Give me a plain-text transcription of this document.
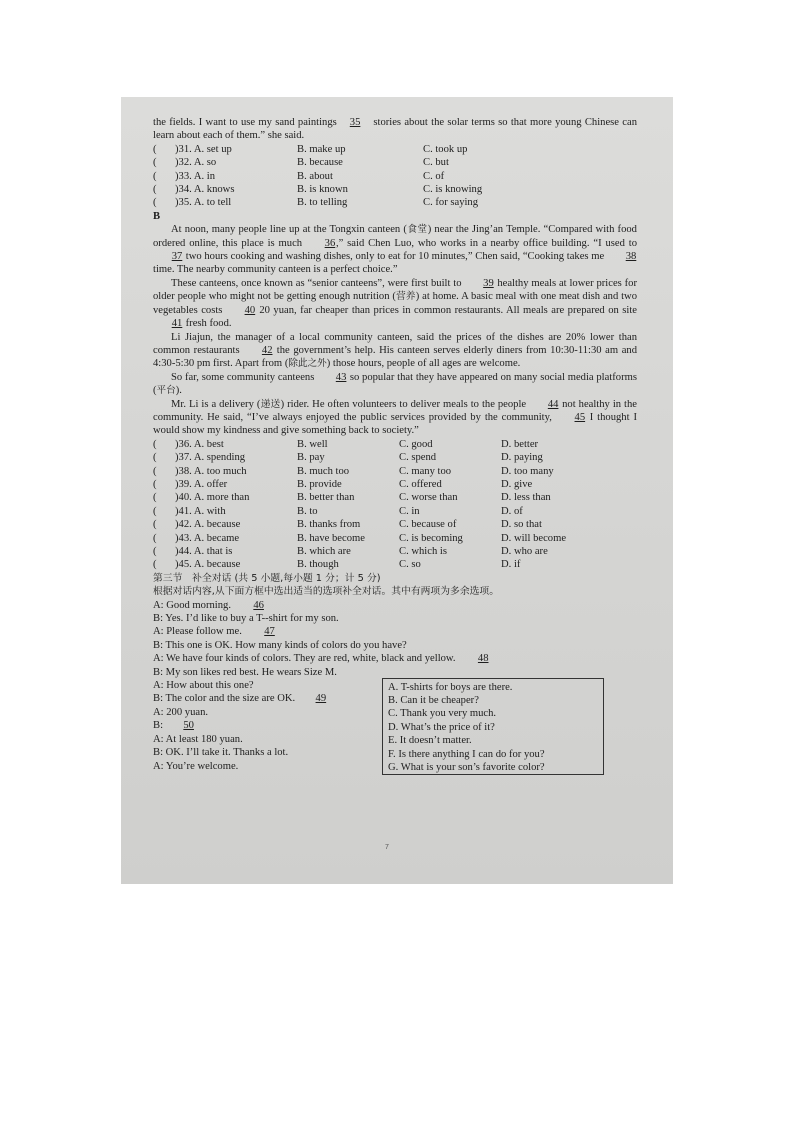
the fields. I want to use my sand paintings 35 stories about the solar terms so that more young Chinese can learn about each of them.” she said.

(	)31. A. set up	B. make up	C. took up
(	)32. A. so	B. because	C. but
(	)33. A. in	B. about	C. of
(	)34. A. knows	B. is known	C. is knowing
(	)35. A. to tell	B. to telling	C. for saying

B

At noon, many people line up at the Tongxin canteen (食堂) near the Jing’an Temple. “Compared with food ordered online, this place is much 36,” said Chen Luo, who works in a nearby office building. “I used to 37 two hours cooking and washing dishes, only to eat for 10 minutes,” Chen said, “Cooking takes me 38 time. The nearby community canteen is a perfect choice.”

These canteens, once known as “senior canteens”, were first built to 39 healthy meals at lower prices for older people who might not be getting enough nutrition (营养) at home. A basic meal with one meat dish and two vegetables costs 40 20 yuan, far cheaper than prices in common restaurants. All meals are prepared on site 41 fresh food.

Li Jiajun, the manager of a local community canteen, said the prices of the dishes are 20% lower than common restaurants 42 the government’s help. His canteen serves elderly diners from 10:30-11:30 am and 4:30-5:30 pm first. Apart from (除此之外) those hours, people of all ages are welcome.

So far, some community canteens 43 so popular that they have appeared on many social media platforms (平台).

Mr. Li is a delivery (递送) rider. He often volunteers to deliver meals to the people 44 not healthy in the community. He said, “I’ve always enjoyed the public services provided by the community, 45 I thought I would show my kindness and give something back to society.”

(	)36. A. best	B. well	C. good	D. better
(	)37. A. spending	B. pay	C. spend	D. paying
(	)38. A. too much	B. much too	C. many too	D. too many
(	)39. A. offer	B. provide	C. offered	D. give
(	)40. A. more than	B. better than	C. worse than	D. less than
(	)41. A. with	B. to	C. in	D. of
(	)42. A. because	B. thanks from	C. because of	D. so that
(	)43. A. became	B. have become	C. is becoming	D. will become
(	)44. A. that is	B. which are	C. which is	D. who are
(	)45. A. because	B. though	C. so	D. if

第三节　补全对话 (共 5 小题,每小题 1 分；计 5 分)

根据对话内容,从下面方框中选出适当的选项补全对话。其中有两项为多余选项。

A: Good morning. 46

B: Yes. I’d like to buy a T--shirt for my son.

A: Please follow me. 47

B: This one is OK. How many kinds of colors do you have?

A: We have four kinds of colors. They are red, white, black and yellow. 48

B: My son likes red best. He wears Size M.

A: How about this one?

B: The color and the size are OK. 49

A: 200 yuan.

B: 50

A: At least 180 yuan.

B: OK. I’ll take it. Thanks a lot.

A: You’re welcome.

A. T-shirts for boys are there.
B. Can it be cheaper?
C. Thank you very much.
D. What’s the price of it?
E. It doesn’t matter.
F. Is there anything I can do for you?
G. What is your son’s favorite color?
7
